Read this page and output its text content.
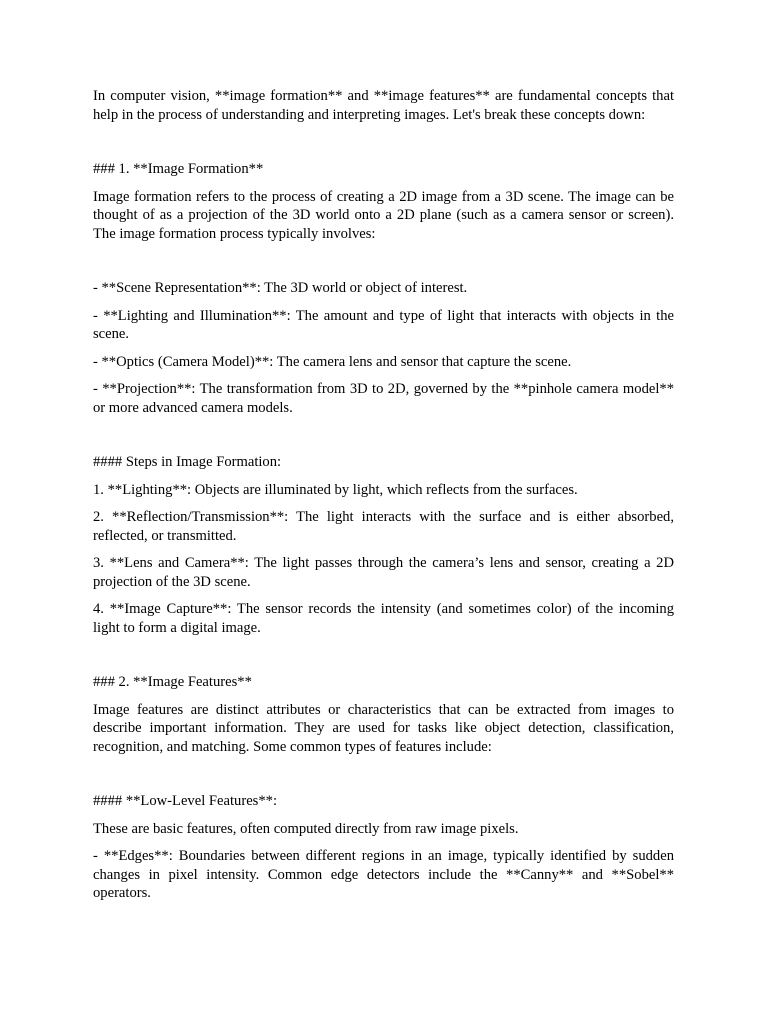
In computer vision, **image formation** and **image features** are fundamental concepts that help in the process of understanding and interpreting images. Let's break these concepts down:

### 1. **Image Formation**

Image formation refers to the process of creating a 2D image from a 3D scene. The image can be thought of as a projection of the 3D world onto a 2D plane (such as a camera sensor or screen). The image formation process typically involves:

- **Scene Representation**: The 3D world or object of interest.

- **Lighting and Illumination**: The amount and type of light that interacts with objects in the scene.

- **Optics (Camera Model)**: The camera lens and sensor that capture the scene.

- **Projection**: The transformation from 3D to 2D, governed by the **pinhole camera model** or more advanced camera models.

#### Steps in Image Formation:

1. **Lighting**: Objects are illuminated by light, which reflects from the surfaces.

2. **Reflection/Transmission**: The light interacts with the surface and is either absorbed, reflected, or transmitted.

3. **Lens and Camera**: The light passes through the camera’s lens and sensor, creating a 2D projection of the 3D scene.

4. **Image Capture**: The sensor records the intensity (and sometimes color) of the incoming light to form a digital image.

### 2. **Image Features**

Image features are distinct attributes or characteristics that can be extracted from images to describe important information. They are used for tasks like object detection, classification, recognition, and matching. Some common types of features include:

#### **Low-Level Features**:

These are basic features, often computed directly from raw image pixels.

- **Edges**: Boundaries between different regions in an image, typically identified by sudden changes in pixel intensity. Common edge detectors include the **Canny** and **Sobel** operators.
